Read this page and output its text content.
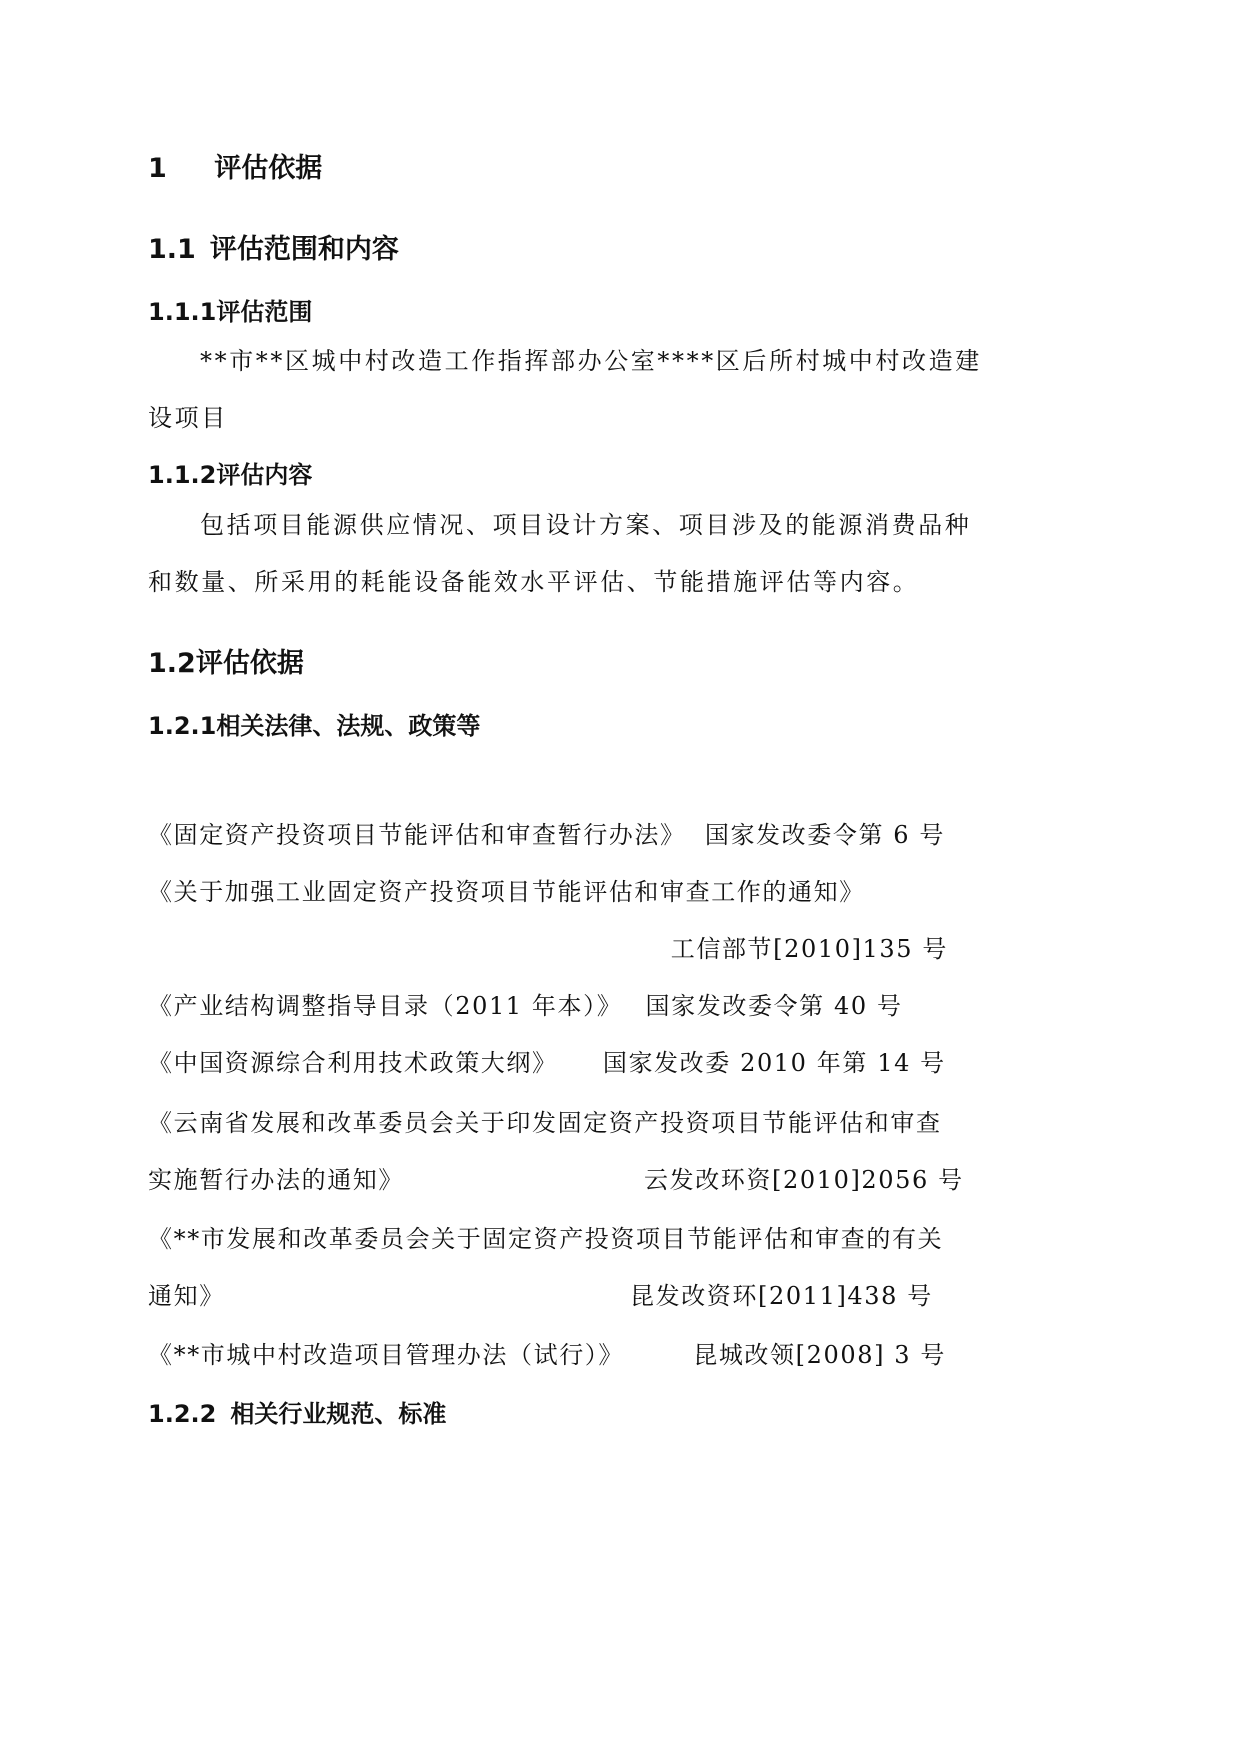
1 评估依据
1.1 评估范围和内容
1.1.1评估范围
**市**区城中村改造工作指挥部办公室****区后所村城中村改造建
设项目
1.1.2评估内容
包括项目能源供应情况、项目设计方案、项目涉及的能源消费品种
和数量、所采用的耗能设备能效水平评估、节能措施评估等内容。
1.2评估依据
1.2.1相关法律、法规、政策等
《固定资产投资项目节能评估和审查暂行办法》 国家发改委令第 6 号
《关于加强工业固定资产投资项目节能评估和审查工作的通知》
工信部节[2010]135 号
《产业结构调整指导目录（2011 年本）》 国家发改委令第 40 号
《中国资源综合利用技术政策大纲》 国家发改委 2010 年第 14 号
《云南省发展和改革委员会关于印发固定资产投资项目节能评估和审查
实施暂行办法的通知》	云发改环资[2010]2056 号
《**市发展和改革委员会关于固定资产投资项目节能评估和审查的有关
通知》	昆发改资环[2011]438 号
《**市城中村改造项目管理办法（试行）》	昆城改领[2008] 3 号
1.2.2 相关行业规范、标准
